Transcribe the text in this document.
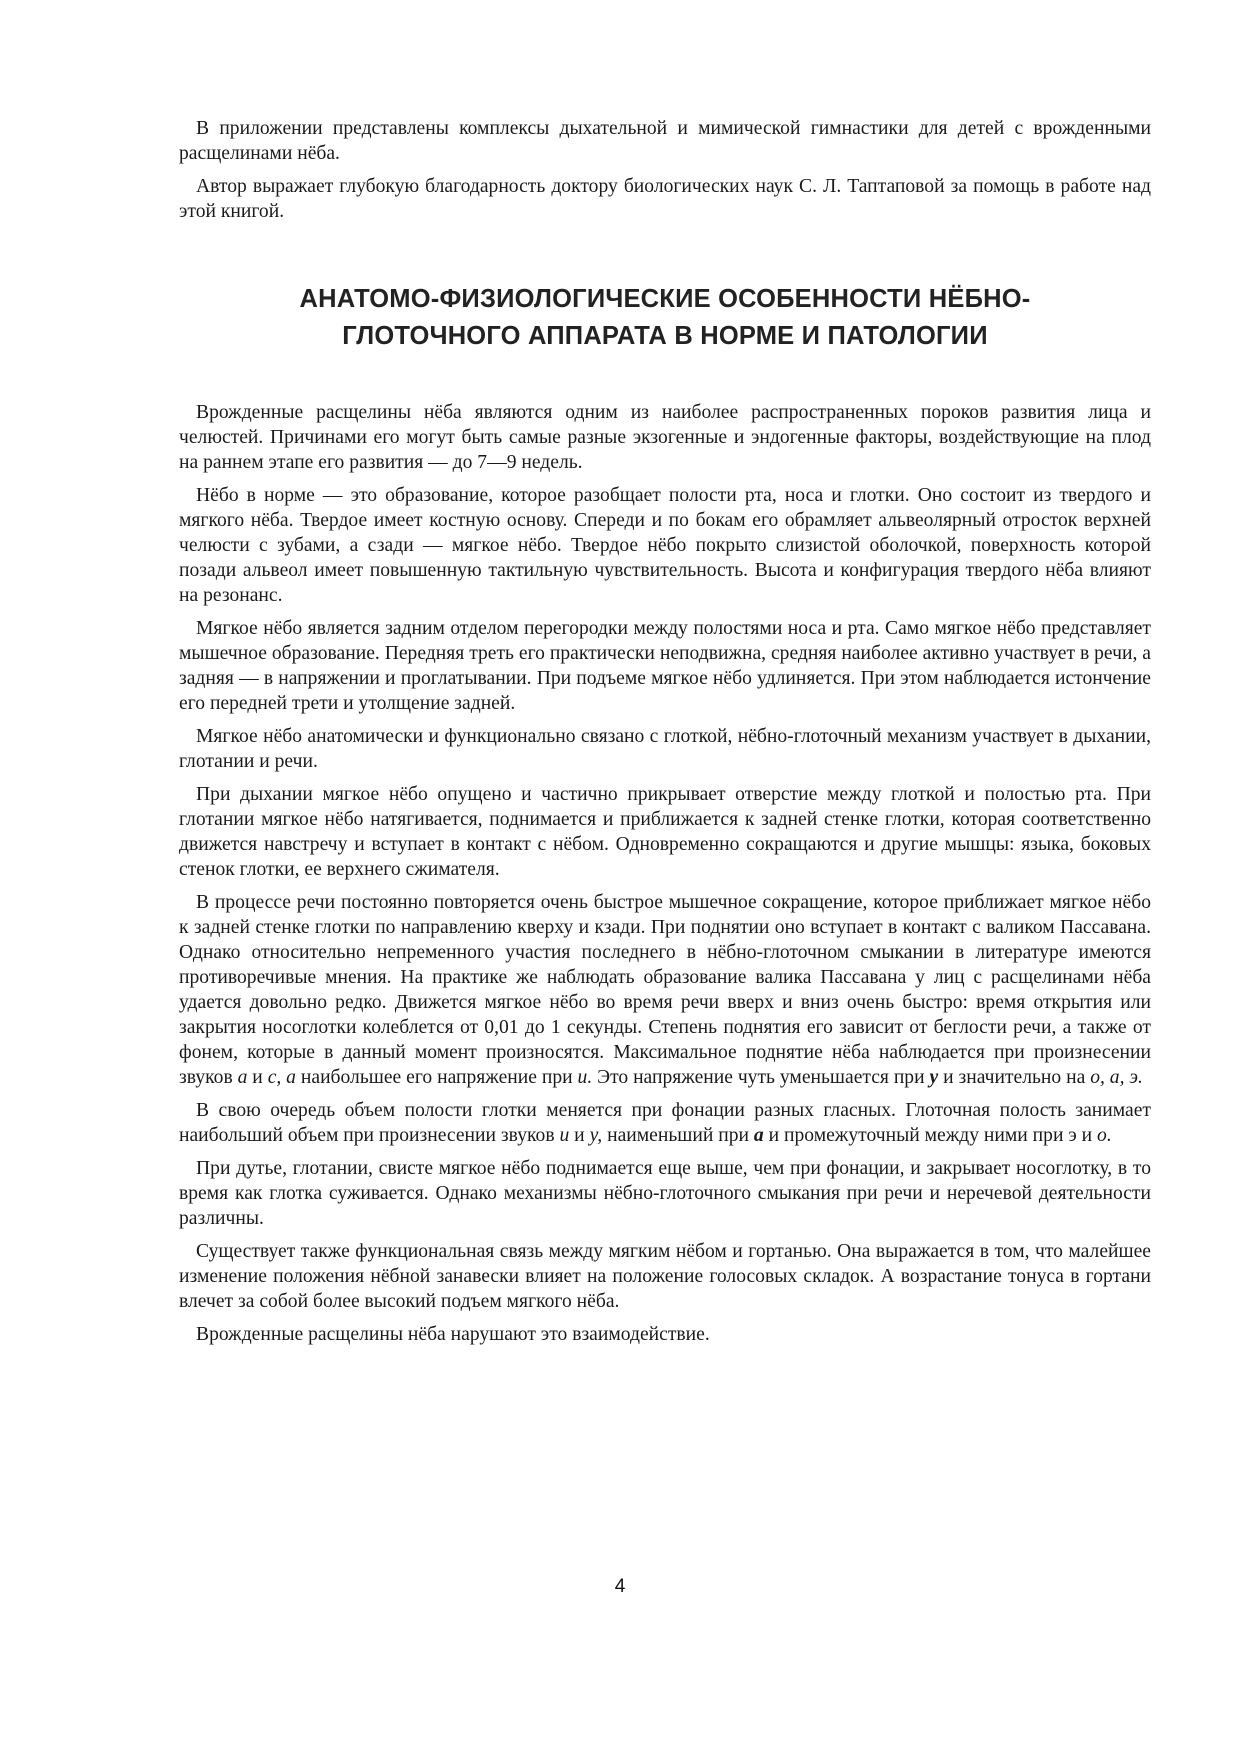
В приложении представлены комплексы дыхательной и мимической гимнастики для детей с врожденными расщелинами нёба.

Автор выражает глубокую благодарность доктору биологических наук С. Л. Таптаповой за помощь в работе над этой книгой.

АНАТОМО-ФИЗИОЛОГИЧЕСКИЕ ОСОБЕННОСТИ НЁБНО-
ГЛОТОЧНОГО АППАРАТА В НОРМЕ И ПАТОЛОГИИ

Врожденные расщелины нёба являются одним из наиболее распространенных пороков развития лица и челюстей. Причинами его могут быть самые разные экзогенные и эндогенные факторы, воздействующие на плод на раннем этапе его развития — до 7—9 недель.

Нёбо в норме — это образование, которое разобщает полости рта, носа и глотки. Оно состоит из твердого и мягкого нёба. Твердое имеет костную основу. Спереди и по бокам его обрамляет альвеолярный отросток верхней челюсти с зубами, а сзади — мягкое нёбо. Твердое нёбо покрыто слизистой оболочкой, поверхность которой позади альвеол имеет повышенную тактильную чувствительность. Высота и конфигурация твердого нёба влияют на резонанс.

Мягкое нёбо является задним отделом перегородки между полостями носа и рта. Само мягкое нёбо представляет мышечное образование. Передняя треть его практически неподвижна, средняя наиболее активно участвует в речи, а задняя — в напряжении и проглатывании. При подъеме мягкое нёбо удлиняется. При этом наблюдается истончение его передней трети и утолщение задней.

Мягкое нёбо анатомически и функционально связано с глоткой, нёбно-глоточный механизм участвует в дыхании, глотании и речи.

При дыхании мягкое нёбо опущено и частично прикрывает отверстие между глоткой и полостью рта. При глотании мягкое нёбо натягивается, поднимается и приближается к задней стенке глотки, которая соответственно движется навстречу и вступает в контакт с нёбом. Одновременно сокращаются и другие мышцы: языка, боковых стенок глотки, ее верхнего сжимателя.

В процессе речи постоянно повторяется очень быстрое мышечное сокращение, которое приближает мягкое нёбо к задней стенке глотки по направлению кверху и кзади. При поднятии оно вступает в контакт с валиком Пассавана. Однако относительно непременного участия последнего в нёбно-глоточном смыкании в литературе имеются противоречивые мнения. На практике же наблюдать образование валика Пассавана у лиц с расщелинами нёба удается довольно редко. Движется мягкое нёбо во время речи вверх и вниз очень быстро: время открытия или закрытия носоглотки колеблется от 0,01 до 1 секунды. Степень поднятия его зависит от беглости речи, а также от фонем, которые в данный момент произносятся. Максимальное поднятие нёба наблюдается при произнесении звуков а и с, а наибольшее его напряжение при и. Это напряжение чуть уменьшается при у и значительно на о, а, э.

В свою очередь объем полости глотки меняется при фонации разных гласных. Глоточная полость занимает наибольший объем при произнесении звуков и и у, наименьший при а и промежуточный между ними при э и о.

При дутье, глотании, свисте мягкое нёбо поднимается еще выше, чем при фонации, и закрывает носоглотку, в то время как глотка суживается. Однако механизмы нёбно-глоточного смыкания при речи и неречевой деятельности различны.

Существует также функциональная связь между мягким нёбом и гортанью. Она выражается в том, что малейшее изменение положения нёбной занавески влияет на положение голосовых складок. А возрастание тонуса в гортани влечет за собой более высокий подъем мягкого нёба.

Врожденные расщелины нёба нарушают это взаимодействие.

4
